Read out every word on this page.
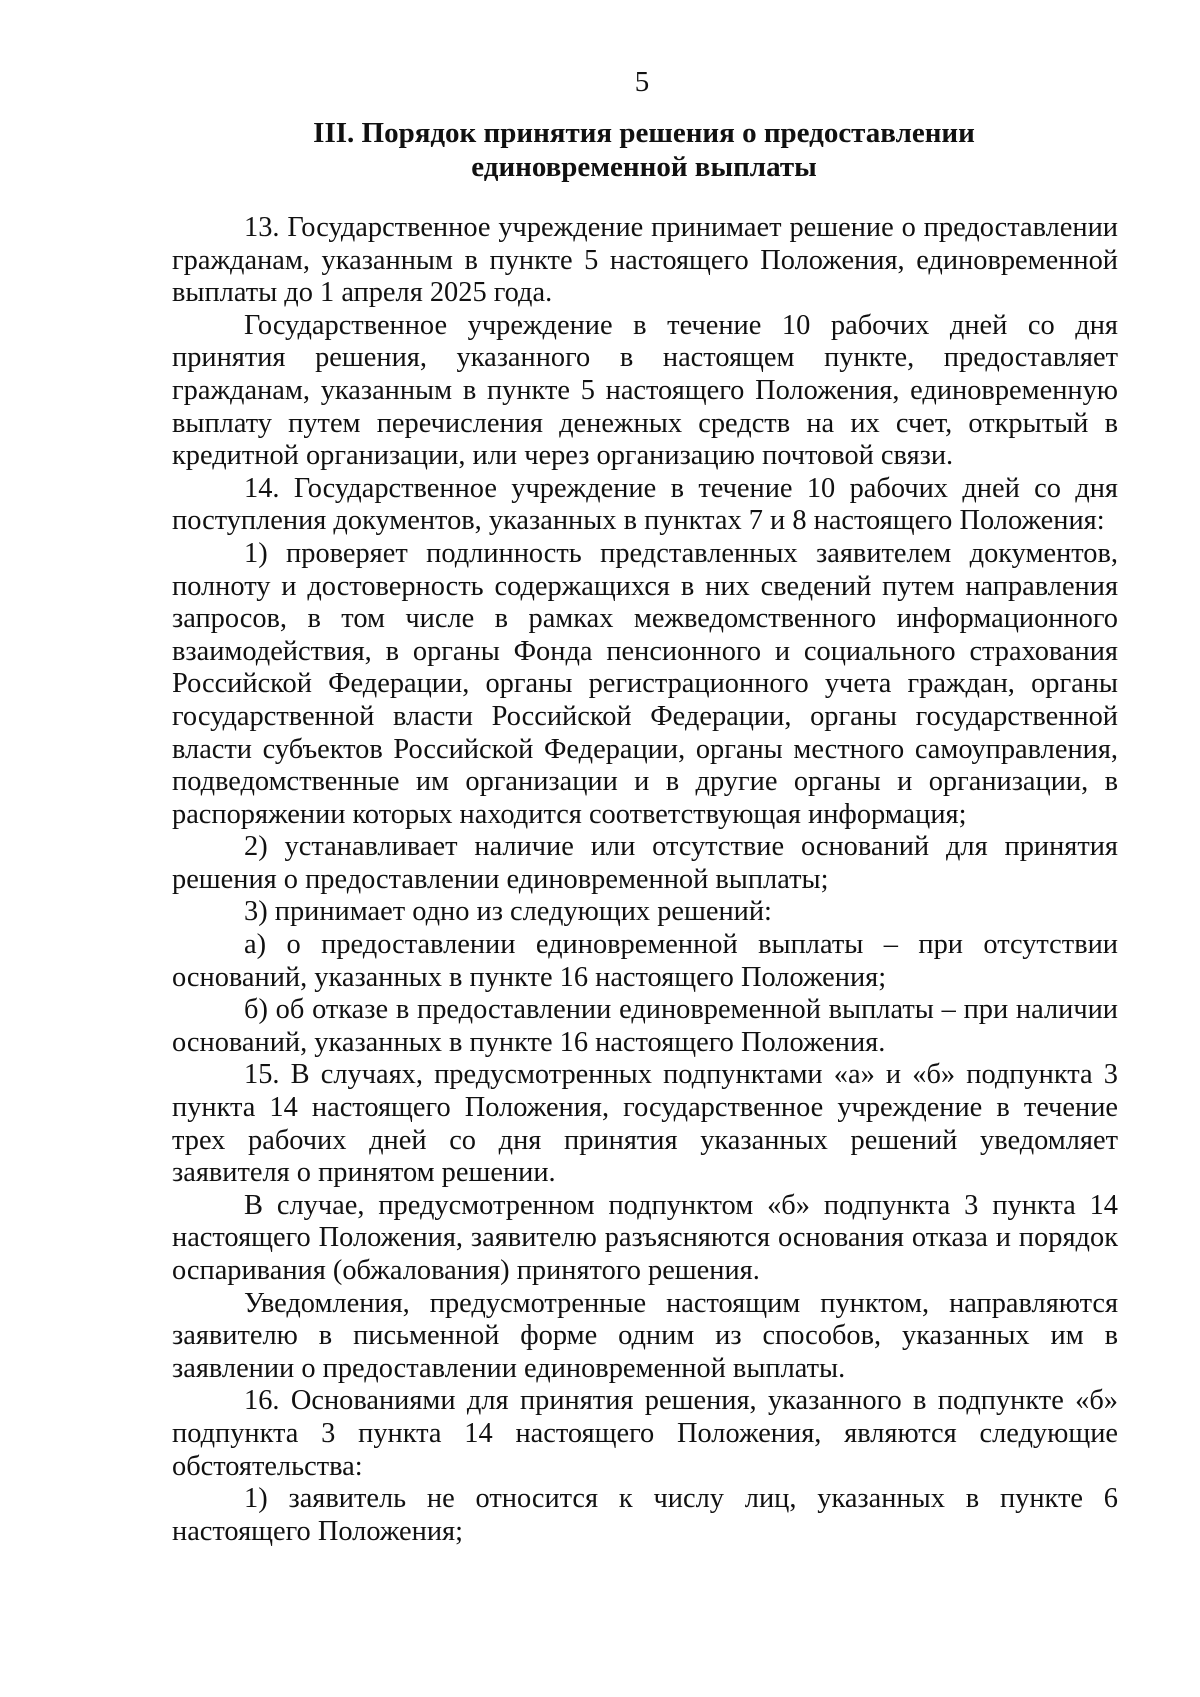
5
III. Порядок принятия решения о предоставлении
единовременной выплаты

13. Государственное учреждение принимает решение о предоставлении гражданам, указанным в пункте 5 настоящего Положения, единовременной выплаты до 1 апреля 2025 года.

Государственное учреждение в течение 10 рабочих дней со дня принятия решения, указанного в настоящем пункте, предоставляет гражданам, указанным в пункте 5 настоящего Положения, единовременную выплату путем перечисления денежных средств на их счет, открытый в кредитной организации, или через организацию почтовой связи.

14. Государственное учреждение в течение 10 рабочих дней со дня поступления документов, указанных в пунктах 7 и 8 настоящего Положения:

1) проверяет подлинность представленных заявителем документов, полноту и достоверность содержащихся в них сведений путем направления запросов, в том числе в рамках межведомственного информационного взаимодействия, в органы Фонда пенсионного и социального страхования Российской Федерации, органы регистрационного учета граждан, органы государственной власти Российской Федерации, органы государственной власти субъектов Российской Федерации, органы местного самоуправления, подведомственные им организации и в другие органы и организации, в распоряжении которых находится соответствующая информация;

2) устанавливает наличие или отсутствие оснований для принятия решения о предоставлении единовременной выплаты;

3) принимает одно из следующих решений:

а) о предоставлении единовременной выплаты – при отсутствии оснований, указанных в пункте 16 настоящего Положения;

б) об отказе в предоставлении единовременной выплаты – при наличии оснований, указанных в пункте 16 настоящего Положения.

15. В случаях, предусмотренных подпунктами «а» и «б» подпункта 3 пункта 14 настоящего Положения, государственное учреждение в течение трех рабочих дней со дня принятия указанных решений уведомляет заявителя о принятом решении.

В случае, предусмотренном подпунктом «б» подпункта 3 пункта 14 настоящего Положения, заявителю разъясняются основания отказа и порядок оспаривания (обжалования) принятого решения.

Уведомления, предусмотренные настоящим пунктом, направляются заявителю в письменной форме одним из способов, указанных им в заявлении о предоставлении единовременной выплаты.

16. Основаниями для принятия решения, указанного в подпункте «б» подпункта 3 пункта 14 настоящего Положения, являются следующие обстоятельства:

1) заявитель не относится к числу лиц, указанных в пункте 6 настоящего Положения;
